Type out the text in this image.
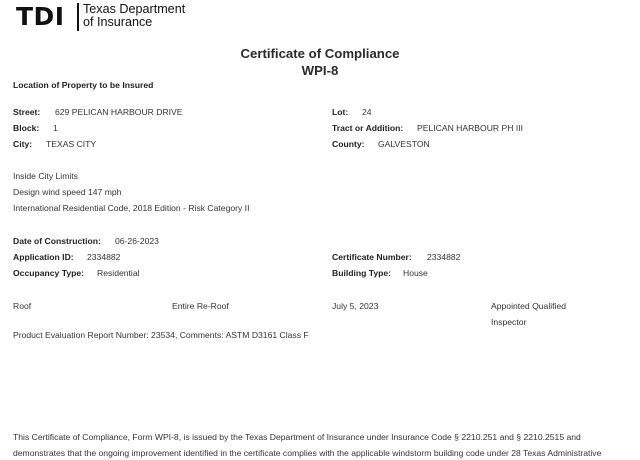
TDI Texas Department
of Insurance
Certificate of Compliance
WPI-8
Location of Property to be Insured
Street: 629 PELICAN HARBOUR DRIVE	Lot: 24
Block: 1	Tract or Addition: PELICAN HARBOUR PH III
City: TEXAS CITY	County: GALVESTON
Inside City Limits
Design wind speed 147 mph
International Residential Code, 2018 Edition - Risk Category II
Date of Construction: 06-26-2023
Application ID: 2334882	Certificate Number: 2334882
Occupancy Type: Residential	Building Type: House
Roof	Entire Re-Roof	July 5, 2023	Appointed Qualified
Inspector
Product Evaluation Report Number: 23534, Comments: ASTM D3161 Class F
This Certificate of Compliance, Form WPI-8, is issued by the Texas Department of Insurance under Insurance Code § 2210.251 and § 2210.2515 and
demonstrates that the ongoing improvement identified in the certificate complies with the applicable windstorm building code under 28 Texas Administrative
